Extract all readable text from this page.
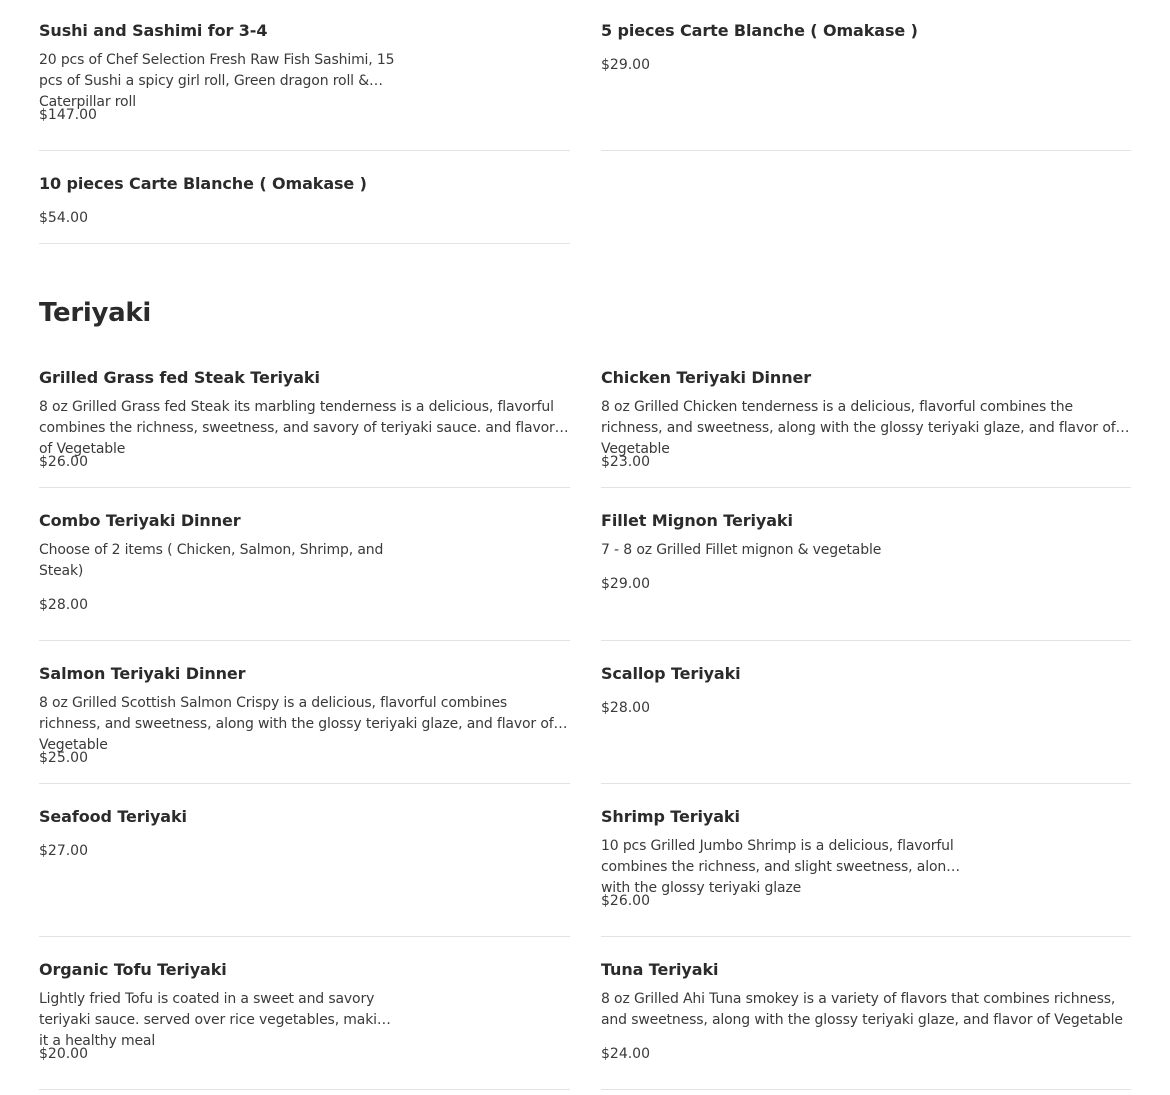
Sushi and Sashimi for 3-4
20 pcs of Chef Selection Fresh Raw Fish Sashimi, 15 pcs of Sushi a spicy girl roll, Green dragon roll & Caterpillar roll
$147.00
5 pieces Carte Blanche ( Omakase )
$29.00
10 pieces Carte Blanche ( Omakase )
$54.00
Teriyaki
Grilled Grass fed Steak Teriyaki
8 oz Grilled Grass fed Steak its marbling tenderness is a delicious, flavorful combines the richness, sweetness, and savory of teriyaki sauce. and flavor of Vegetable
$26.00
Chicken Teriyaki Dinner
8 oz Grilled Chicken tenderness is a delicious, flavorful combines the richness, and sweetness, along with the glossy teriyaki glaze, and flavor of Vegetable
$23.00
Combo Teriyaki Dinner
Choose of 2 items ( Chicken, Salmon, Shrimp, and Steak)
$28.00
Fillet Mignon Teriyaki
7 - 8 oz Grilled Fillet mignon & vegetable
$29.00
Salmon Teriyaki Dinner
8 oz Grilled Scottish Salmon Crispy is a delicious, flavorful combines richness, and sweetness, along with the glossy teriyaki glaze, and flavor of Vegetable
$25.00
Scallop Teriyaki
$28.00
Seafood Teriyaki
$27.00
Shrimp Teriyaki
10 pcs Grilled Jumbo Shrimp is a delicious, flavorful combines the richness, and slight sweetness, along with the glossy teriyaki glaze
$26.00
Organic Tofu Teriyaki
Lightly fried Tofu is coated in a sweet and savory teriyaki sauce. served over rice vegetables, making it a healthy meal
$20.00
Tuna Teriyaki
8 oz Grilled Ahi Tuna smokey is a variety of flavors that combines richness, and sweetness, along with the glossy teriyaki glaze, and flavor of Vegetable
$24.00
